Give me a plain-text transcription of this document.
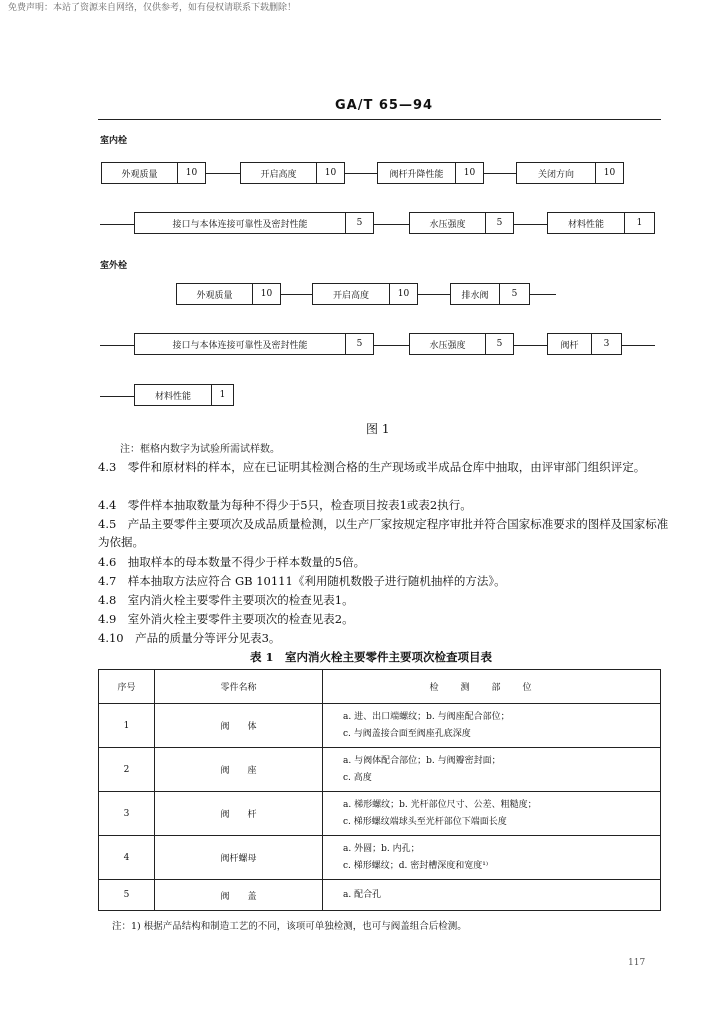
免费声明：本站了资源来自网络，仅供参考，如有侵权请联系下载删除！
GA/T 65—94
室内栓
外观质量	10	开启高度	10	阀杆升降性能	10	关闭方向	10
接口与本体连接可靠性及密封性能	5	水压强度	5	材料性能	1
室外栓
外观质量	10	开启高度	10	排水阀	5
接口与本体连接可靠性及密封性能	5	水压强度	5	阀杆	3
材料性能	1
图 1
注：框格内数字为试验所需试样数。
4.3　零件和原材料的样本，应在已证明其检测合格的生产现场或半成品仓库中抽取，由评审部门组织评定。
4.4　零件样本抽取数量为每种不得少于5只，检查项目按表1或表2执行。
4.5　产品主要零件主要项次及成品质量检测，以生产厂家按规定程序审批并符合国家标准要求的图样及国家标准为依据。
4.6　抽取样本的母本数量不得少于样本数量的5倍。
4.7　样本抽取方法应符合 GB 10111《利用随机数骰子进行随机抽样的方法》。
4.8　室内消火栓主要零件主要项次的检查见表1。
4.9　室外消火栓主要零件主要项次的检查见表2。
4.10　产品的质量分等评分见表3。
表 1　室内消火栓主要零件主要项次检查项目表
序号	零件名称	检测部位
1	阀　　体	a. 进、出口端螺纹；b. 与阀座配合部位；
c. 与阀盖接合面至阀座孔底深度

2	阀　　座	a. 与阀体配合部位；b. 与阀瓣密封面；
c. 高度

3	阀　　杆	a. 梯形螺纹；b. 光杆部位尺寸、公差、粗糙度；
c. 梯形螺纹端球头至光杆部位下端面长度

4	阀杆螺母	a. 外圆；b. 内孔；
c. 梯形螺纹；d. 密封槽深度和宽度¹⁾

5	阀　　盖	a. 配合孔
注：1) 根据产品结构和制造工艺的不同，该项可单独检测，也可与阀盖组合后检测。
117
